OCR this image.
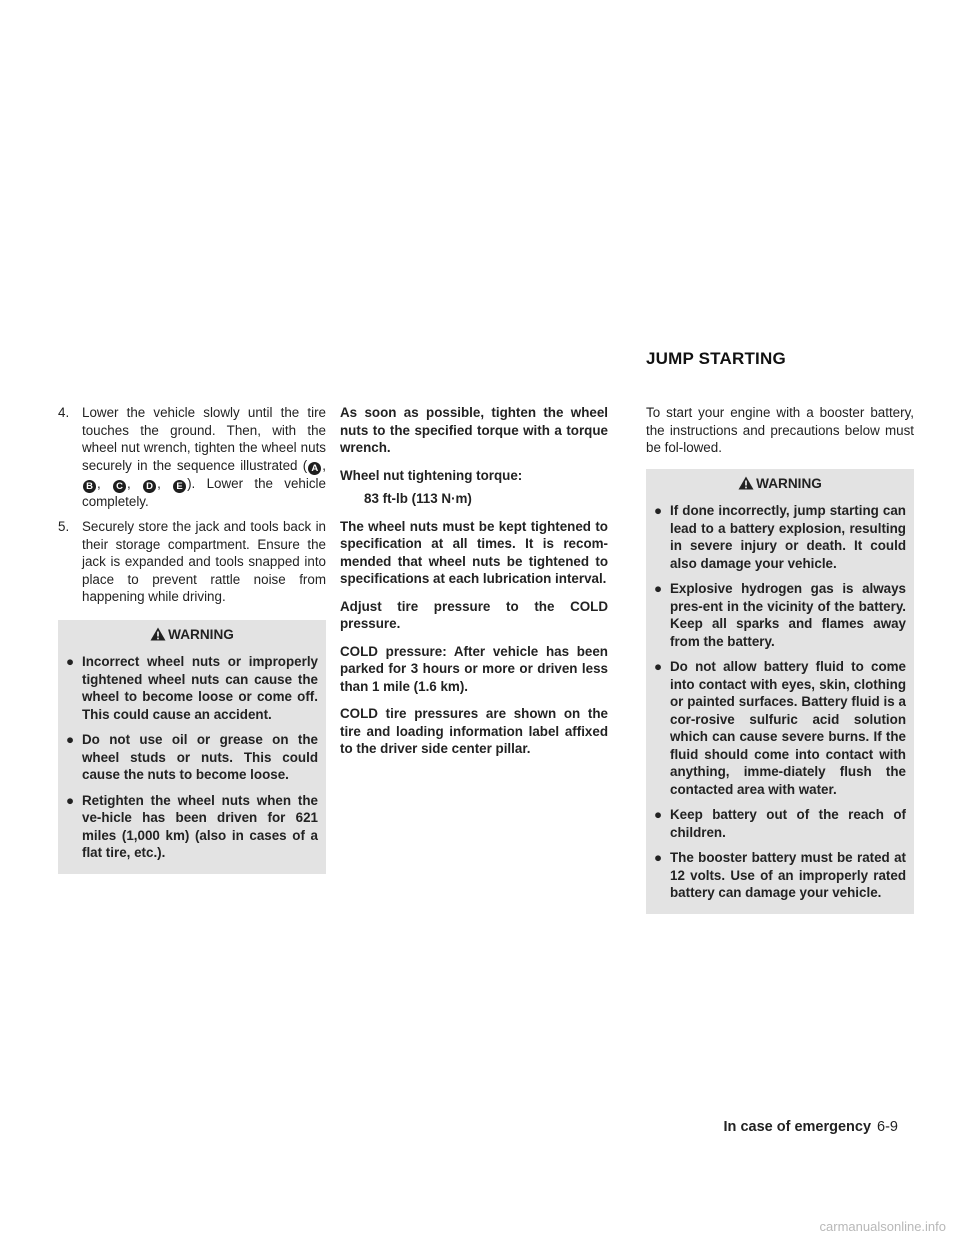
JUMP STARTING
4. Lower the vehicle slowly until the tire touches the ground. Then, with the wheel nut wrench, tighten the wheel nuts securely in the sequence illustrated ( A , B , C , D , E ). Lower the vehicle completely.
5. Securely store the jack and tools back in their storage compartment. Ensure the jack is expanded and tools snapped into place to prevent rattle noise from happening while driving.
WARNING
● Incorrect wheel nuts or improperly tightened wheel nuts can cause the wheel to become loose or come off. This could cause an accident.
● Do not use oil or grease on the wheel studs or nuts. This could cause the nuts to become loose.
● Retighten the wheel nuts when the ve-hicle has been driven for 621 miles (1,000 km) (also in cases of a flat tire, etc.).
As soon as possible, tighten the wheel nuts to the specified torque with a torque wrench.
Wheel nut tightening torque:
83 ft-lb (113 N·m)
The wheel nuts must be kept tightened to specification at all times. It is recom-mended that wheel nuts be tightened to specifications at each lubrication interval.
Adjust tire pressure to the COLD pressure.
COLD pressure: After vehicle has been parked for 3 hours or more or driven less than 1 mile (1.6 km).
COLD tire pressures are shown on the tire and loading information label affixed to the driver side center pillar.
To start your engine with a booster battery, the instructions and precautions below must be fol-lowed.
WARNING
● If done incorrectly, jump starting can lead to a battery explosion, resulting in severe injury or death. It could also damage your vehicle.
● Explosive hydrogen gas is always pres-ent in the vicinity of the battery. Keep all sparks and flames away from the battery.
● Do not allow battery fluid to come into contact with eyes, skin, clothing or painted surfaces. Battery fluid is a cor-rosive sulfuric acid solution which can cause severe burns. If the fluid should come into contact with anything, imme-diately flush the contacted area with water.
● Keep battery out of the reach of children.
● The booster battery must be rated at 12 volts. Use of an improperly rated battery can damage your vehicle.
In case of emergency 6-9
carmanualsonline.info
